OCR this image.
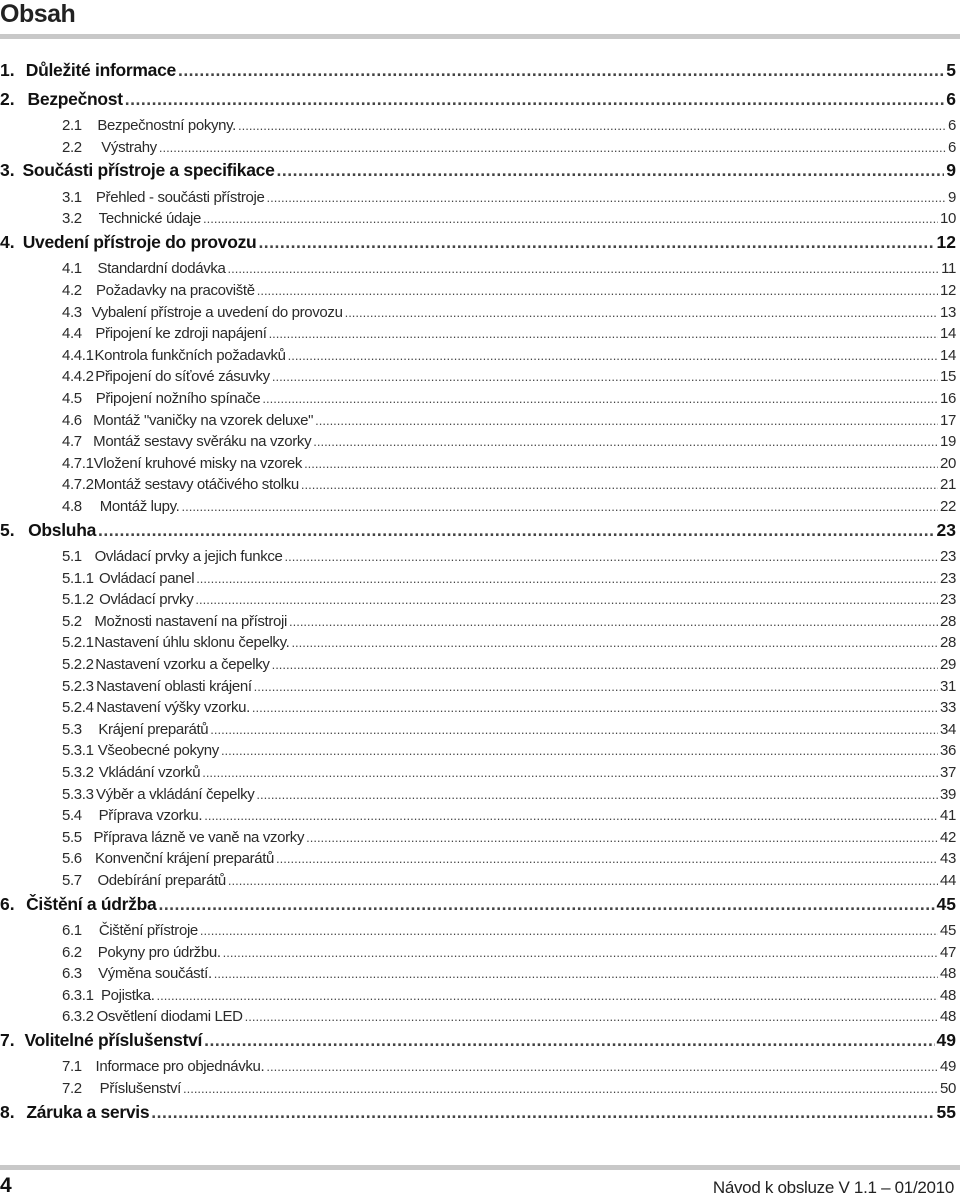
Obsah
1. Důležité informace .....	5
2. Bezpečnost .....	6
2.1	Bezpečnostní pokyny. .....	6
2.2	Výstrahy .....	6
3. Součásti přístroje a specifikace .....	9
3.1 Přehled - součásti přístroje .....	9
3.2	Technické údaje .....	10
4. Uvedení přístroje do provozu .....	12
4.1	Standardní dodávka .....	11
4.2 Požadavky na pracoviště .....	12
4.3 Vybalení přístroje a uvedení do provozu .....	13
4.4 Připojení ke zdroji napájení .....	14
4.4.1 Kontrola funkčních požadavků .....	14
4.4.2 Připojení do síťové zásuvky .....	15
4.5 Připojení nožního spínače .....	16
4.6 Montáž "vaničky na vzorek deluxe" .....	17
4.7 Montáž sestavy svěráku na vzorky .....	19
4.7.1 Vložení kruhové misky na vzorek .....	20
4.7.2 Montáž sestavy otáčivého stolku .....	21
4.8	Montáž lupy. .....	22
5. Obsluha .....	23
5.1 Ovládací prvky a jejich funkce .....	23
5.1.1 Ovládací panel .....	23
5.1.2 Ovládací prvky .....	23
5.2 Možnosti nastavení na přístroji .....	28
5.2.1 Nastavení úhlu sklonu čepelky. .....	28
5.2.2 Nastavení vzorku a čepelky .....	29
5.2.3 Nastavení oblasti krájení .....	31
5.2.4 Nastavení výšky vzorku. .....	33
5.3	Krájení preparátů .....	34
5.3.1 Všeobecné pokyny .....	36
5.3.2 Vkládání vzorků .....	37
5.3.3 Výběr a vkládání čepelky .....	39
5.4	Příprava vzorku. .....	41
5.5 Příprava lázně ve vaně na vzorky .....	42
5.6 Konvenční krájení preparátů .....	43
5.7	Odebírání preparátů .....	44
6. Čištění a údržba .....	45
6.1	Čištění přístroje .....	45
6.2	Pokyny pro údržbu. .....	47
6.3	Výměna součástí. .....	48
6.3.1 Pojistka. .....	48
6.3.2 Osvětlení diodami LED .....	48
7. Volitelné příslušenství .....	49
7.1 Informace pro objednávku. .....	49
7.2	Příslušenství .....	50
8. Záruka a servis .....	55
4	Návod k obsluze V 1.1 – 01/2010
